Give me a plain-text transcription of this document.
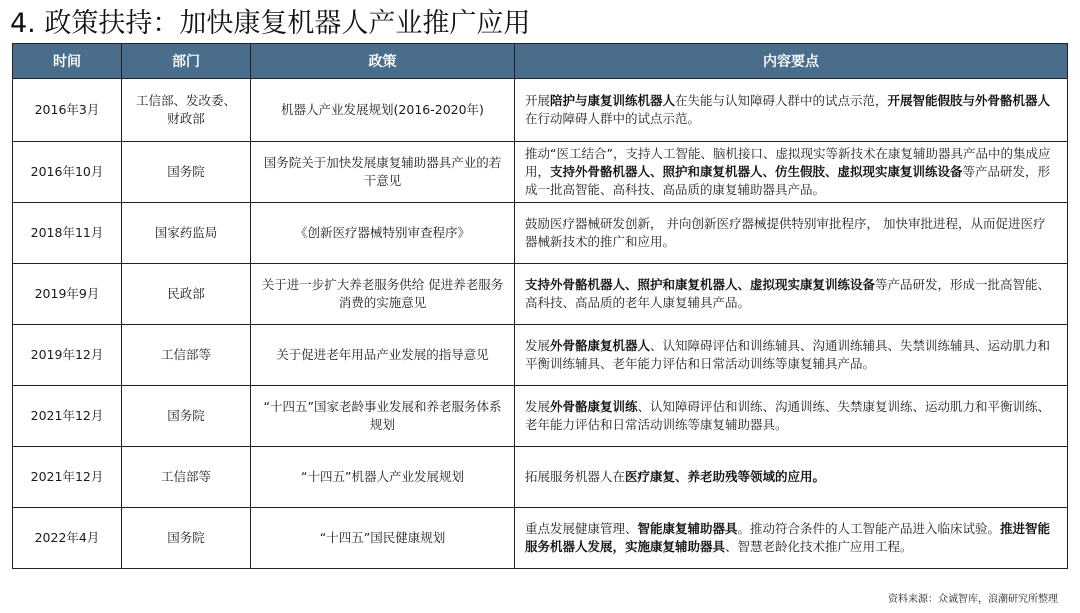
4. 政策扶持：加快康复机器人产业推广应用
时间	部门	政策	内容要点
2016年3月	工信部、发改委、财政部	机器人产业发展规划(2016-2020年)	开展陪护与康复训练机器人在失能与认知障碍人群中的试点示范，开展智能假肢与外骨骼机器人在行动障碍人群中的试点示范。
2016年10月	国务院	国务院关于加快发展康复辅助器具产业的若干意见	推动“医工结合”，支持人工智能、脑机接口、虚拟现实等新技术在康复辅助器具产品中的集成应用，支持外骨骼机器人、照护和康复机器人、仿生假肢、虚拟现实康复训练设备等产品研发，形成一批高智能、高科技、高品质的康复辅助器具产品。
2018年11月	国家药监局	《创新医疗器械特别审查程序》	鼓励医疗器械研发创新， 并向创新医疗器械提供特别审批程序， 加快审批进程，从而促进医疗器械新技术的推广和应用。
2019年9月	民政部	关于进一步扩大养老服务供给 促进养老服务消费的实施意见	支持外骨骼机器人、照护和康复机器人、虚拟现实康复训练设备等产品研发，形成一批高智能、高科技、高品质的老年人康复辅具产品。
2019年12月	工信部等	关于促进老年用品产业发展的指导意见	发展外骨骼康复机器人、认知障碍评估和训练辅具、沟通训练辅具、失禁训练辅具、运动肌力和平衡训练辅具、老年能力评估和日常活动训练等康复辅具产品。
2021年12月	国务院	“十四五”国家老龄事业发展和养老服务体系规划	发展外骨骼康复训练、认知障碍评估和训练、沟通训练、失禁康复训练、运动肌力和平衡训练、老年能力评估和日常活动训练等康复辅助器具。
2021年12月	工信部等	“十四五”机器人产业发展规划	拓展服务机器人在医疗康复、养老助残等领域的应用。
2022年4月	国务院	“十四五”国民健康规划	重点发展健康管理、智能康复辅助器具。推动符合条件的人工智能产品进入临床试验。推进智能服务机器人发展，实施康复辅助器具、智慧老龄化技术推广应用工程。
资料来源：众诚智库，浪潮研究所整理
